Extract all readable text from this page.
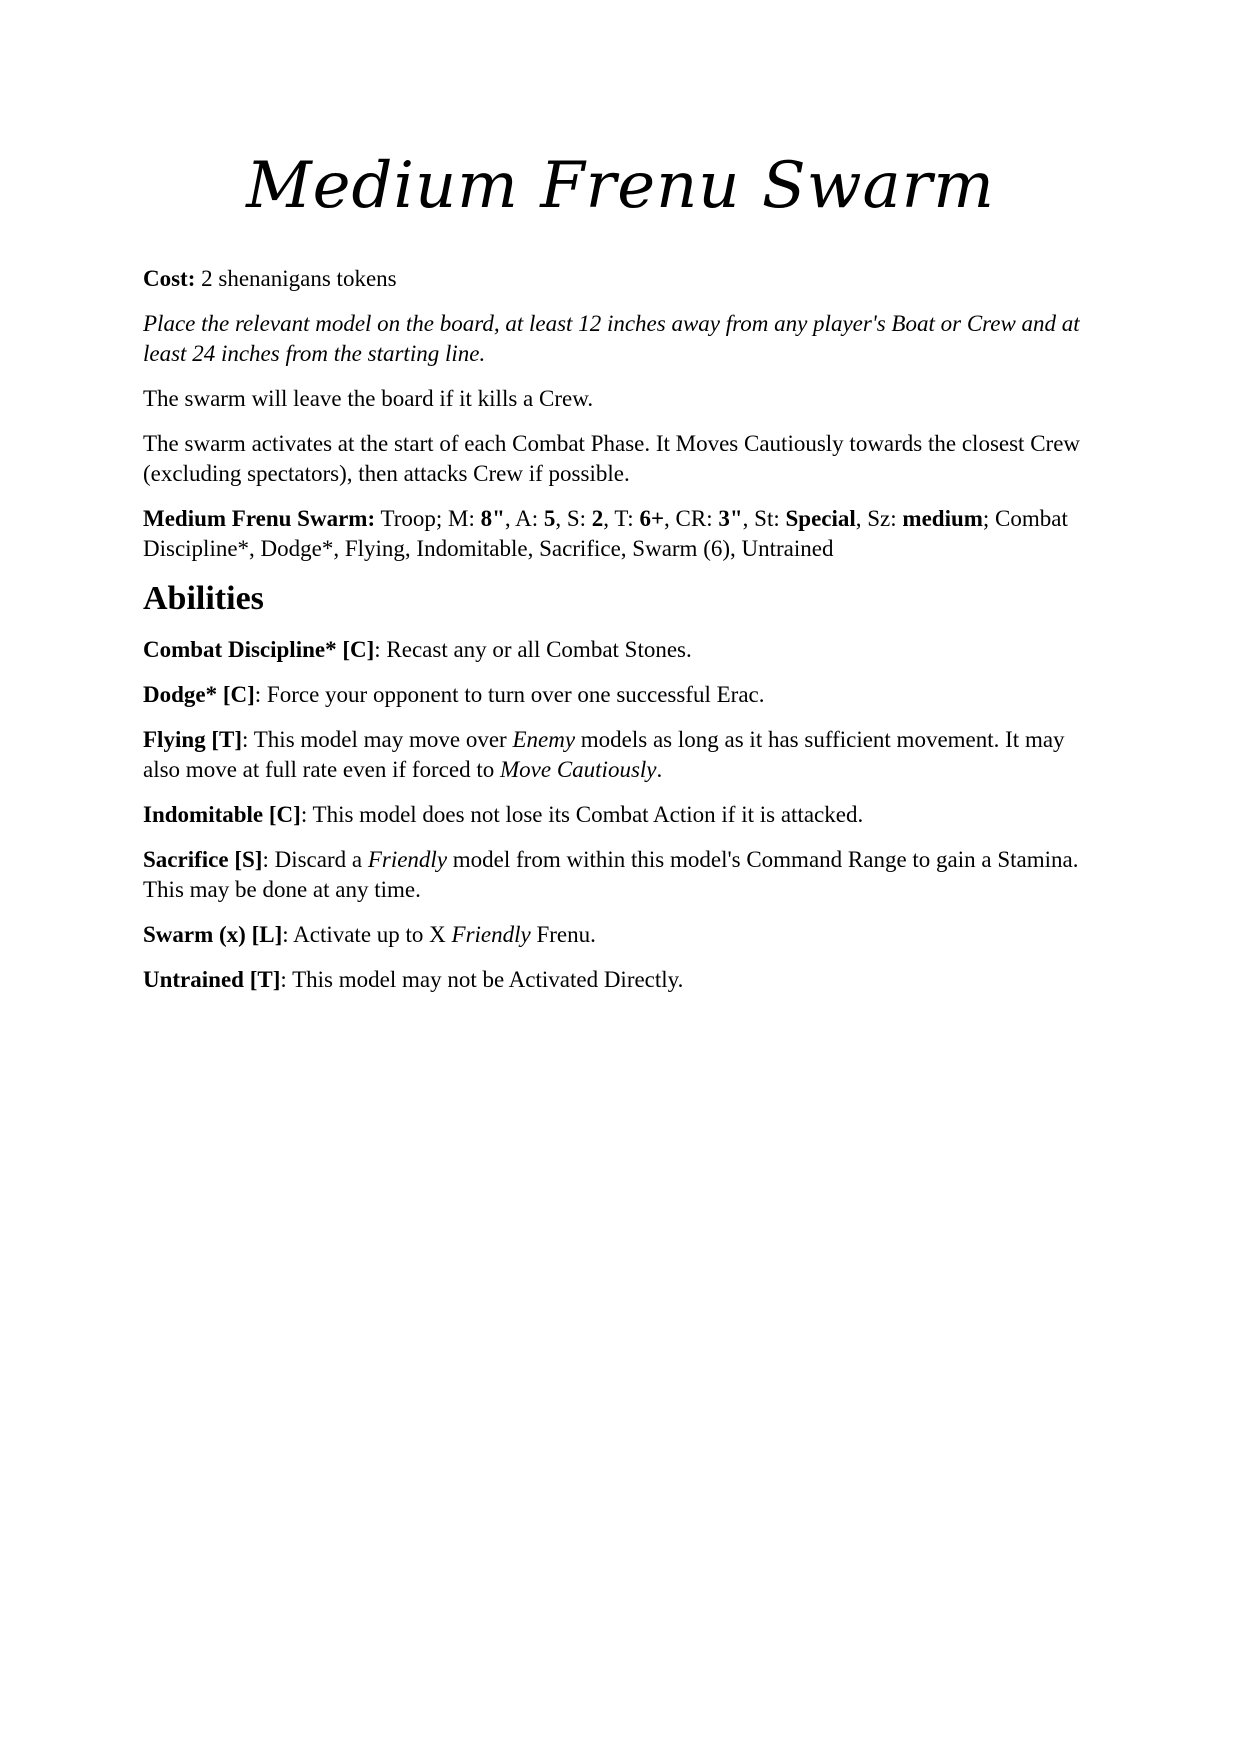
Medium Frenu Swarm

Cost: 2 shenanigans tokens

Place the relevant model on the board, at least 12 inches away from any player's Boat or Crew and at least 24 inches from the starting line.

The swarm will leave the board if it kills a Crew.

The swarm activates at the start of each Combat Phase. It Moves Cautiously towards the closest Crew (excluding spectators), then attacks Crew if possible.

Medium Frenu Swarm: Troop; M: 8", A: 5, S: 2, T: 6+, CR: 3", St: Special, Sz: medium; Combat Discipline*, Dodge*, Flying, Indomitable, Sacrifice, Swarm (6), Untrained

Abilities

Combat Discipline* [C]: Recast any or all Combat Stones.

Dodge* [C]: Force your opponent to turn over one successful Erac.

Flying [T]: This model may move over Enemy models as long as it has sufficient movement. It may also move at full rate even if forced to Move Cautiously.

Indomitable [C]: This model does not lose its Combat Action if it is attacked.

Sacrifice [S]: Discard a Friendly model from within this model's Command Range to gain a Stamina. This may be done at any time.

Swarm (x) [L]: Activate up to X Friendly Frenu.

Untrained [T]: This model may not be Activated Directly.
